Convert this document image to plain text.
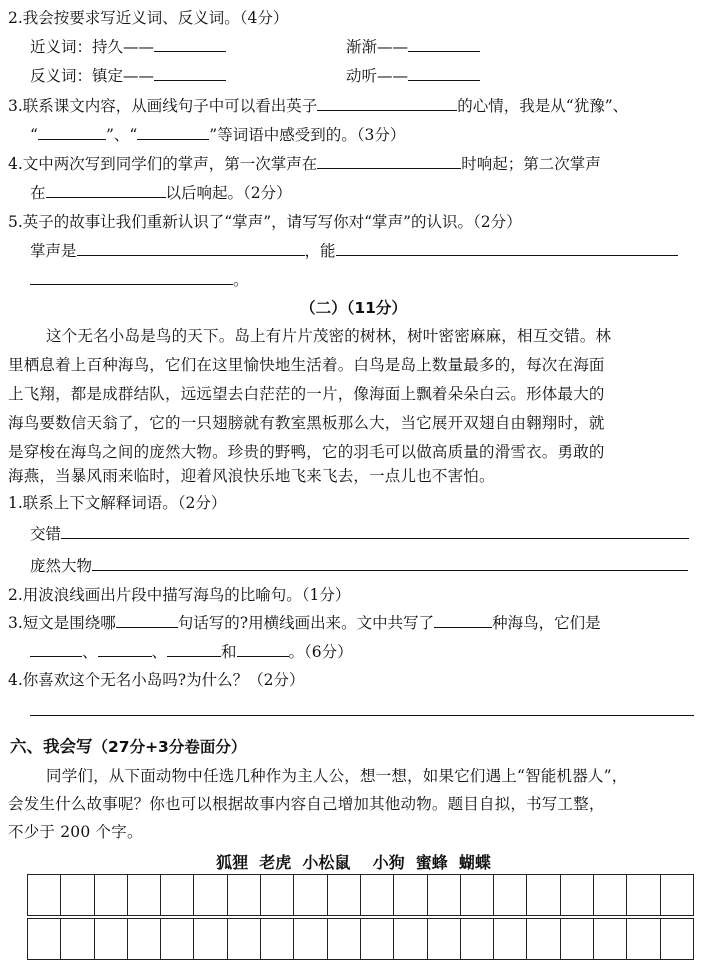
2.我会按要求写近义词、反义词。（4分）
近义词：持久——	渐渐——
反义词：镇定——	动听——
3.联系课文内容，从画线句子中可以看出英子	的心情，我是从“犹豫”、
“	”、“	”等词语中感受到的。（3分）
4.文中两次写到同学们的掌声，第一次掌声在	时响起；第二次掌声
在	以后响起。（2分）
5.英子的故事让我们重新认识了“掌声”，请写写你对“掌声”的认识。（2分）
掌声是	，能
。
（二）（11分）
这个无名小岛是鸟的天下。岛上有片片茂密的树林，树叶密密麻麻，相互交错。林
里栖息着上百种海鸟，它们在这里愉快地生活着。白鸟是岛上数量最多的，每次在海面
上飞翔，都是成群结队，远远望去白茫茫的一片，像海面上飘着朵朵白云。形体最大的
海鸟要数信天翁了，它的一只翅膀就有教室黑板那么大，当它展开双翅自由翱翔时，就
是穿梭在海鸟之间的庞然大物。珍贵的野鸭，它的羽毛可以做高质量的滑雪衣。勇敢的
海燕，当暴风雨来临时，迎着风浪快乐地飞来飞去，一点儿也不害怕。
1.联系上下文解释词语。（2分）
交错
庞然大物
2.用波浪线画出片段中描写海鸟的比喻句。（1分）
3.短文是围绕哪	句话写的?用横线画出来。文中共写了	种海鸟，它们是
、	、	和	。（6分）
4.你喜欢这个无名小岛吗?为什么？（2分）
六、我会写（27分+3分卷面分）
同学们，从下面动物中任选几种作为主人公，想一想，如果它们遇上“智能机器人”，
会发生什么故事呢？你也可以根据故事内容自己增加其他动物。题目自拟，书写工整，
不少于 200 个字。
狐狸  老虎  小松鼠    小狗  蜜蜂  蝴蝶
